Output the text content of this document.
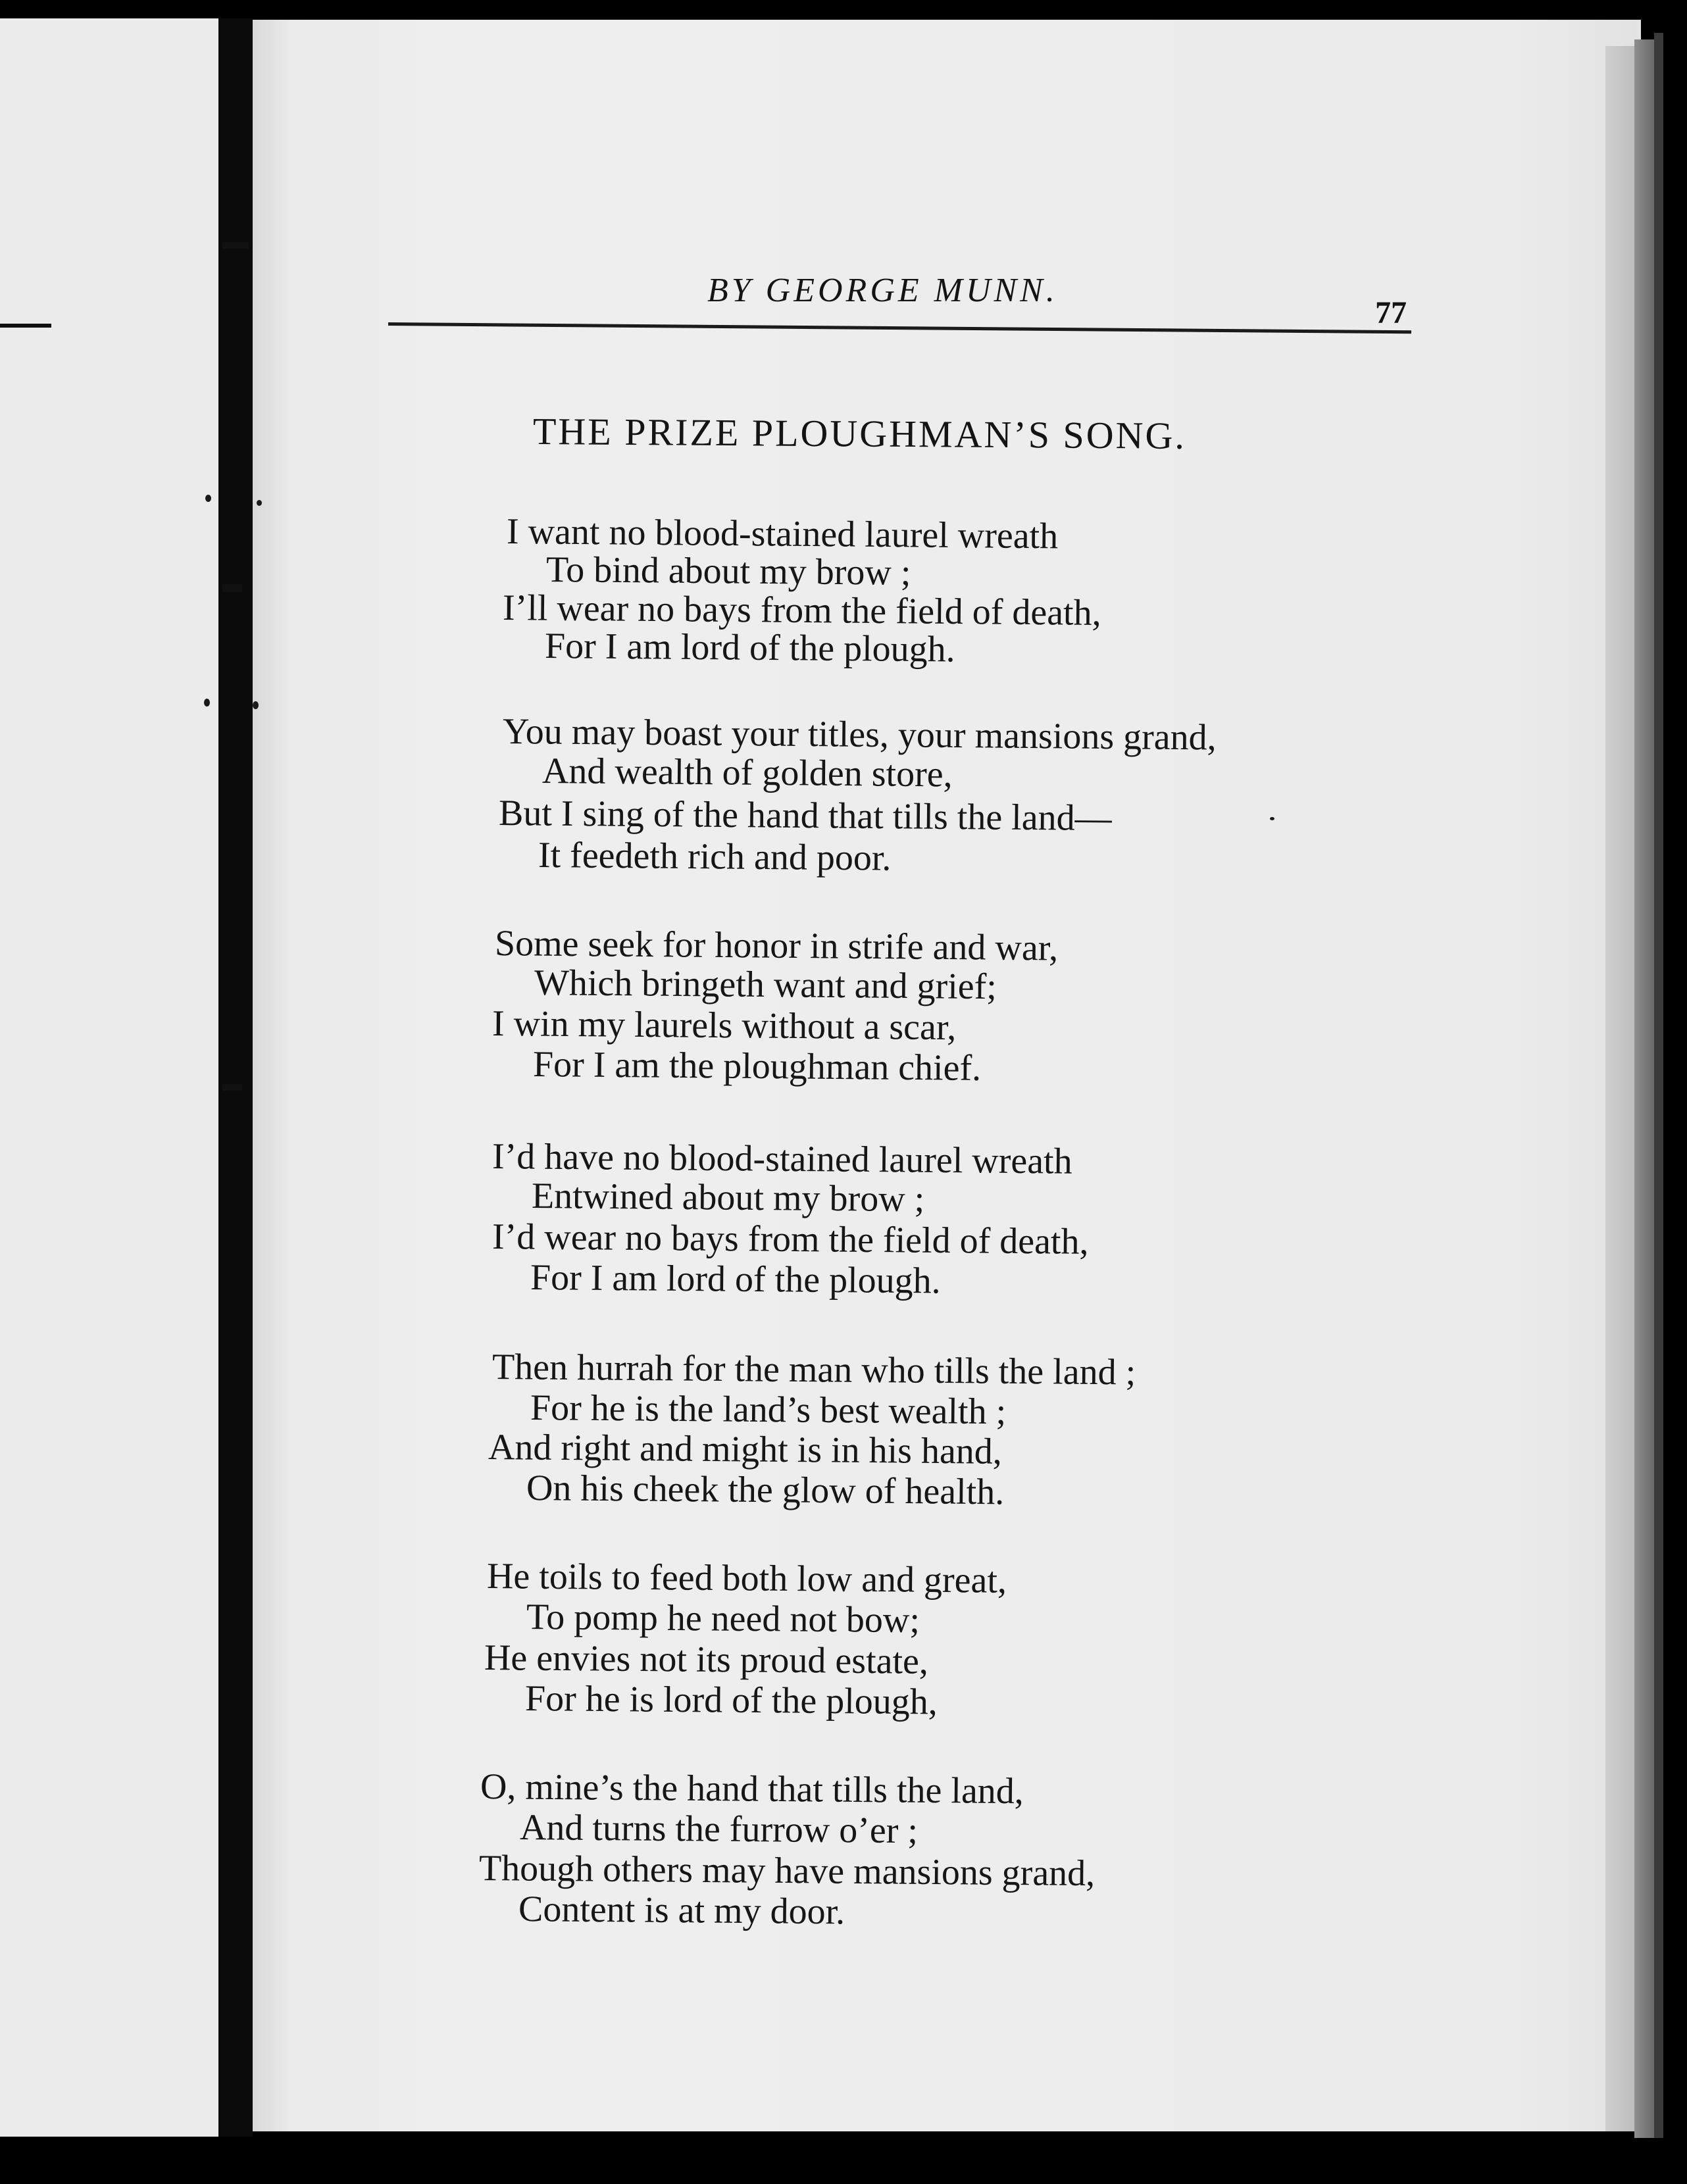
BY GEORGE MUNN.
77
THE PRIZE PLOUGHMAN’S SONG.
I want no blood-stained laurel wreath
To bind about my brow ;
I’ll wear no bays from the field of death,
For I am lord of the plough.
You may boast your titles, your mansions grand,
And wealth of golden store,
But I sing of the hand that tills the land—
It feedeth rich and poor.
Some seek for honor in strife and war,
Which bringeth want and grief;
I win my laurels without a scar,
For I am the ploughman chief.
I’d have no blood-stained laurel wreath
Entwined about my brow ;
I’d wear no bays from the field of death,
For I am lord of the plough.
Then hurrah for the man who tills the land ;
For he is the land’s best wealth ;
And right and might is in his hand,
On his cheek the glow of health.
He toils to feed both low and great,
To pomp he need not bow;
He envies not its proud estate,
For he is lord of the plough,
O, mine’s the hand that tills the land,
And turns the furrow o’er ;
Though others may have mansions grand,
Content is at my door.
